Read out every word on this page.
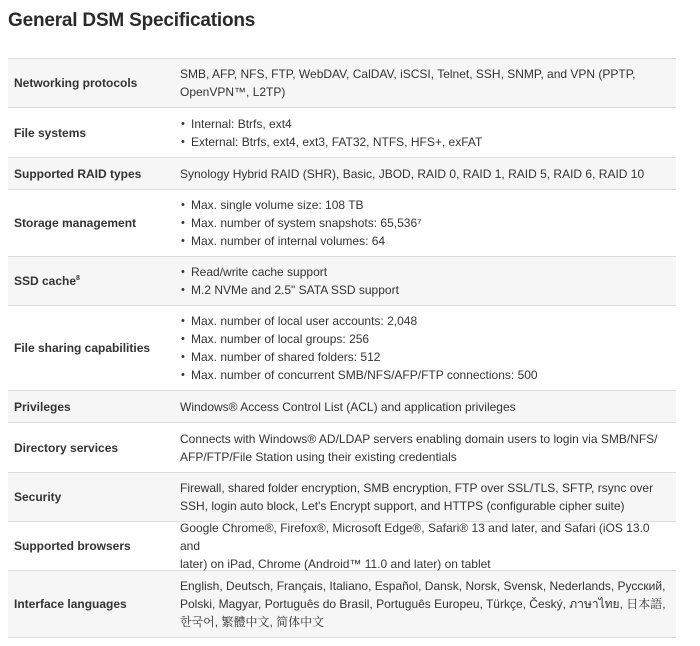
General DSM Specifications
Networking protocols
SMB, AFP, NFS, FTP, WebDAV, CalDAV, iSCSI, Telnet, SSH, SNMP, and VPN (PPTP,
OpenVPN™, L2TP)
File systems
• Internal: Btrfs, ext4
• External: Btrfs, ext4, ext3, FAT32, NTFS, HFS+, exFAT
Supported RAID types	Synology Hybrid RAID (SHR), Basic, JBOD, RAID 0, RAID 1, RAID 5, RAID 6, RAID 10
Storage management
• Max. single volume size: 108 TB
• Max. number of system snapshots: 65,536⁷
• Max. number of internal volumes: 64
SSD cache$^8$
•	Read/write cache support
• M.2 NVMe and 2.5" SATA SSD support
File sharing capabilities
• Max. number of local user accounts: 2,048
• Max. number of local groups: 256
• Max. number of shared folders: 512
• Max. number of concurrent SMB/NFS/AFP/FTP connections: 500
Privileges	Windows® Access Control List (ACL) and application privileges
Directory services
Connects with Windows® AD/LDAP servers enabling domain users to login via SMB/NFS/
AFP/FTP/File Station using their existing credentials
Security
Firewall, shared folder encryption, SMB encryption, FTP over SSL/TLS, SFTP, rsync over
SSH, login auto block, Let's Encrypt support, and HTTPS (configurable cipher suite)
Supported browsers
Google Chrome®, Firefox®, Microsoft Edge®, Safari® 13 and later, and Safari (iOS 13.0 and
later) on iPad, Chrome (Android™ 11.0 and later) on tablet
Interface languages
English, Deutsch, Français, Italiano, Español, Dansk, Norsk, Svensk, Nederlands, Русский,
Polski, Magyar, Português do Brasil, Português Europeu, Türkçe, Český, ภาษาไทย, 日本語,
한국어, 繁體中文, 简体中文
